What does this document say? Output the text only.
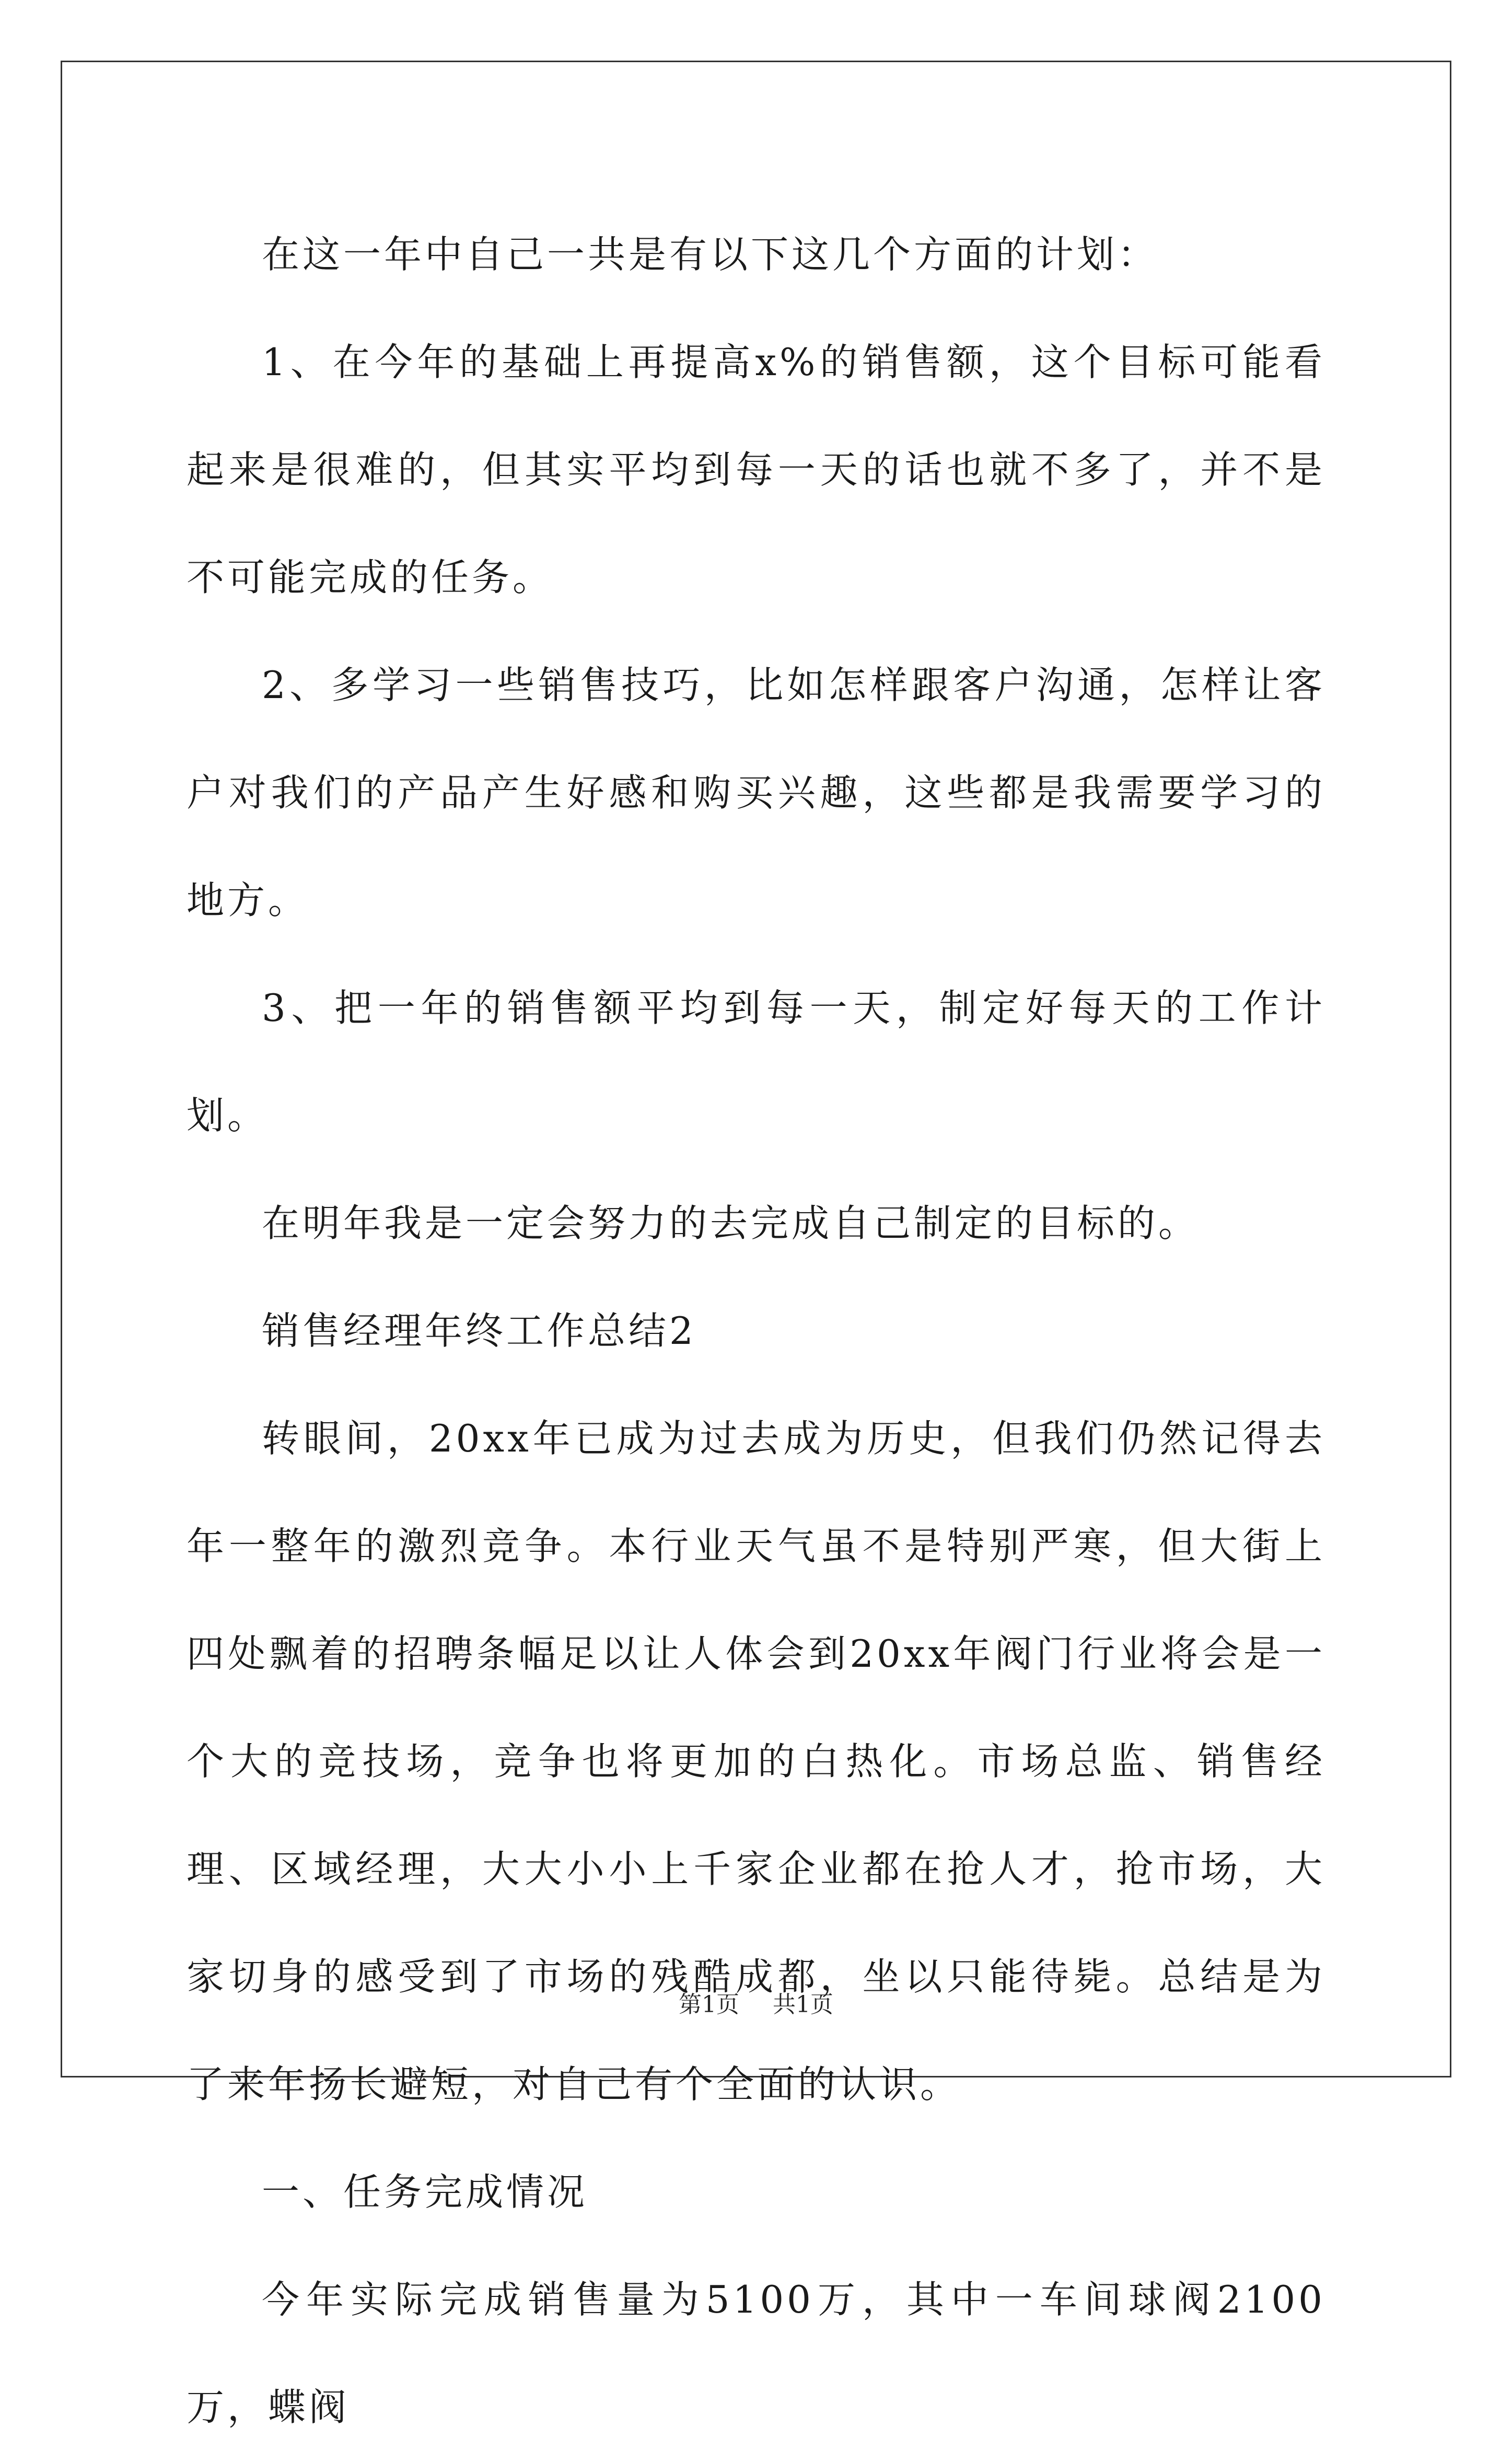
在这一年中自己一共是有以下这几个方面的计划：

1、在今年的基础上再提高x%的销售额，这个目标可能看起来是很难的，但其实平均到每一天的话也就不多了，并不是不可能完成的任务。

2、多学习一些销售技巧，比如怎样跟客户沟通，怎样让客户对我们的产品产生好感和购买兴趣，这些都是我需要学习的地方。

3、把一年的销售额平均到每一天，制定好每天的工作计划。

在明年我是一定会努力的去完成自己制定的目标的。

销售经理年终工作总结2

转眼间，20xx年已成为过去成为历史，但我们仍然记得去年一整年的激烈竞争。本行业天气虽不是特别严寒，但大街上四处飘着的招聘条幅足以让人体会到20xx年阀门行业将会是一个大的竞技场，竞争也将更加的白热化。市场总监、销售经理、区域经理，大大小小上千家企业都在抢人才，抢市场，大家切身的感受到了市场的残酷成都，坐以只能待毙。总结是为了来年扬长避短，对自己有个全面的认识。

一、任务完成情况

今年实际完成销售量为5100万，其中一车间球阀2100万，蝶阀

第1页 共1页
